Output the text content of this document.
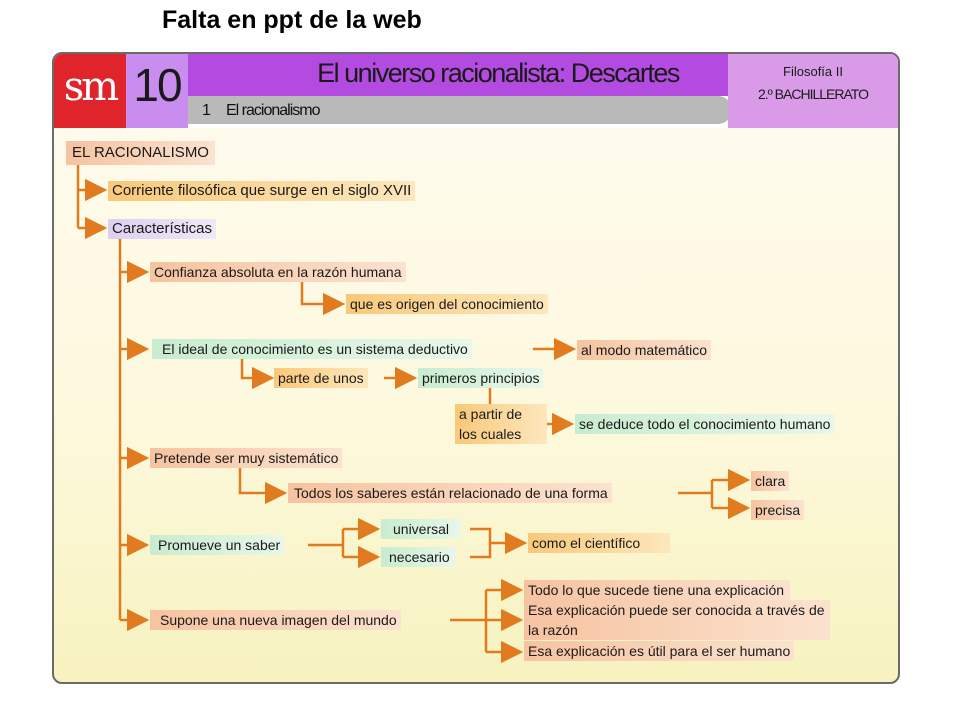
Falta en ppt de la web
sm 10	El universo racionalista: Descartes
1 El racionalismo
Filosofía II
2.º BACHILLERATO
EL RACIONALISMO
Corriente filosófica que surge en el siglo XVII
Características
Confianza absoluta en la razón humana
que es origen del conocimiento
El ideal de conocimiento es un sistema deductivo	al modo matemático
parte de unos	primeros principios
a partir de los cuales
se deduce todo el conocimiento humano
Pretende ser muy sistemático
Todos los saberes están relacionado de una forma
clara
precisa
Promueve un saber
universal
necesario
como el científico
Supone una nueva imagen del mundo
Todo lo que sucede tiene una explicación
Esa explicación puede ser conocida a través de la razón
Esa explicación es útil para el ser humano
